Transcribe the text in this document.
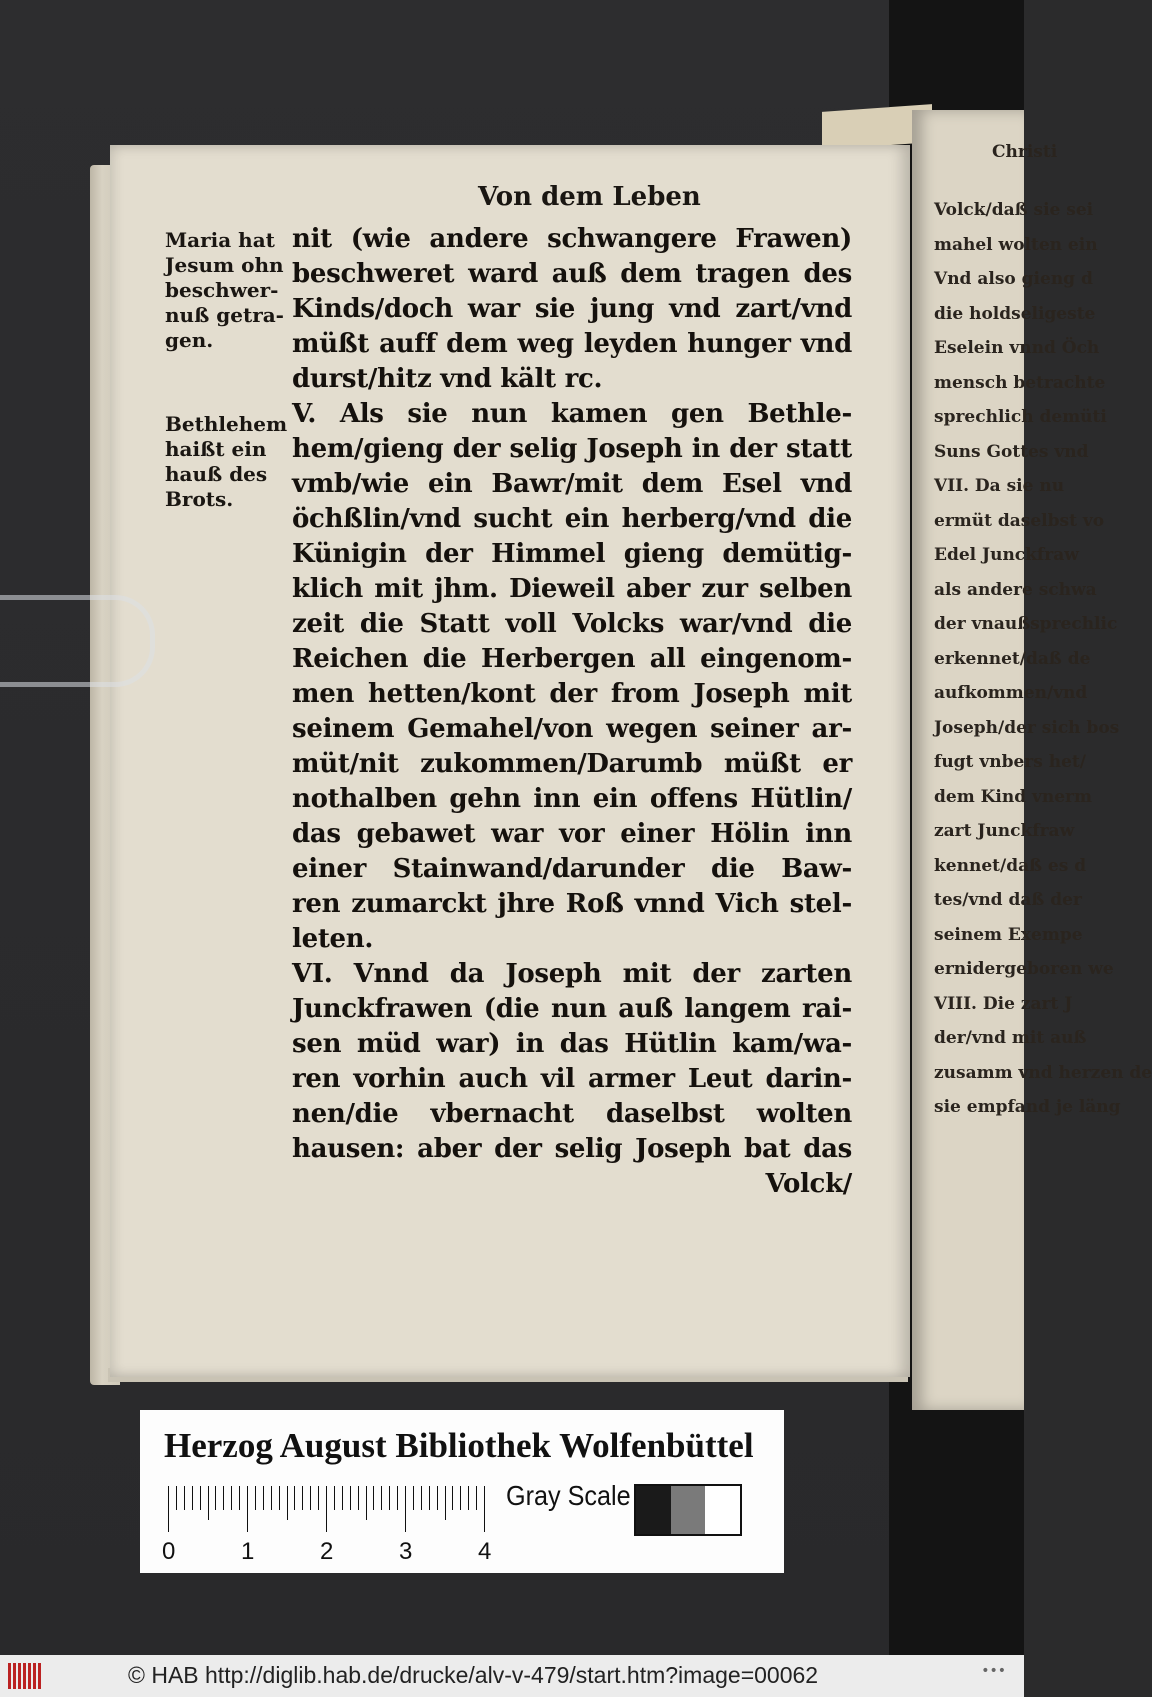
Christi
Volck/daß sie sei
mahel wolten ein
Vnd also gieng d
die holdseligeste
Eselein vnnd Öch
mensch betrachte
sprechlich demüti
Suns Gottes vnd
VII. Da sie nu
ermüt daselbst vo
Edel Junckfraw
als andere schwa
der vnaußsprechlic
erkennet/daß de
aufkommen/vnd
Joseph/der sich bos
fugt vnbers het/
dem Kind vnerm
zart Junckfraw
kennet/daß es d
tes/vnd daß der
seinem Exempe
ernidergeboren we
VIII. Die zart J
der/vnd mit auß
zusamm vnd herzen de
sie empfand je läng
Von dem Leben
Maria hat Jesum ohn beschwer-nuß getra-gen.
Bethlehem haißt ein hauß des Brots.
nit (wie andere schwangere Frawen)
beschweret ward auß dem tragen des
Kinds/doch war sie jung vnd zart/vnd
müßt auff dem weg leyden hunger vnd
durst/hitz vnd kält rc.
V. Als sie nun kamen gen Bethle-
hem/gieng der selig Joseph in der statt
vmb/wie ein Bawr/mit dem Esel vnd
öchßlin/vnd sucht ein herberg/vnd die
Künigin der Himmel gieng demütig-
klich mit jhm. Dieweil aber zur selben
zeit die Statt voll Volcks war/vnd die
Reichen die Herbergen all eingenom-
men hetten/kont der from Joseph mit
seinem Gemahel/von wegen seiner ar-
müt/nit zukommen/Darumb müßt er
nothalben gehn inn ein offens Hütlin/
das gebawet war vor einer Hölin inn
einer Stainwand/darunder die Baw-
ren zumarckt jhre Roß vnnd Vich stel-
leten.
VI. Vnnd da Joseph mit der zarten
Junckfrawen (die nun auß langem rai-
sen müd war) in das Hütlin kam/wa-
ren vorhin auch vil armer Leut darin-
nen/die vbernacht daselbst wolten
hausen: aber der selig Joseph bat das
Volck/
Herzog August Bibliothek Wolfenbüttel
0	1	2	3	4
Gray Scale
© HAB http://diglib.hab.de/drucke/alv-v-479/start.htm?image=00062	•••
